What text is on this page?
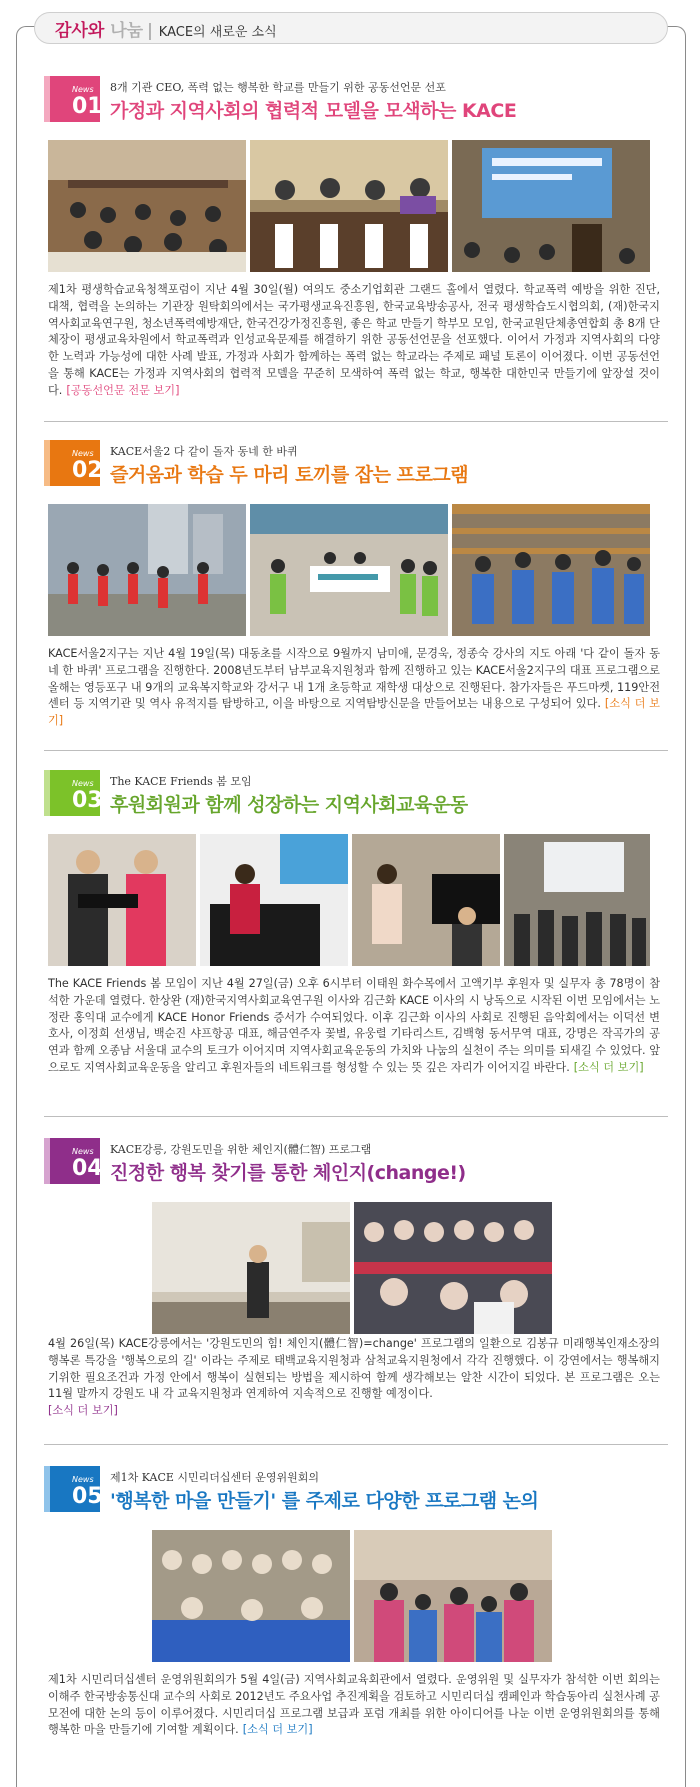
감사와 나눔 | KACE의 새로운 소식
News
01
8개 기관 CEO, 폭력 없는 행복한 학교를 만들기 위한 공동선언문 선포
가정과 지역사회의 협력적 모델을 모색하는 KACE
제1차 평생학습교육청책포럼이 지난 4월 30일(월) 여의도 중소기업회관 그랜드 홀에서 열렸다. 학교폭력 예방을 위한 진단, 대책, 협력을 논의하는 기관장 원탁회의에서는 국가평생교육진흥원, 한국교육방송공사, 전국 평생학습도시협의회, (재)한국지역사회교육연구원, 청소년폭력예방재단, 한국건강가정진흥원, 좋은 학교 만들기 학부모 모임, 한국교원단체총연합회 총 8개 단체장이 평생교육차원에서 학교폭력과 인성교육문제를 해결하기 위한 공동선언문을 선포했다. 이어서 가정과 지역사회의 다양한 노력과 가능성에 대한 사례 발표, 가정과 사회가 함께하는 폭력 없는 학교라는 주제로 패널 토론이 이어졌다. 이번 공동선언을 통해 KACE는 가정과 지역사회의 협력적 모델을 꾸준히 모색하여 폭력 없는 학교, 행복한 대한민국 만들기에 앞장설 것이다. [공동선언문 전문 보기]
News
02
KACE서울2 다 같이 돌자 동네 한 바퀴
즐거움과 학습 두 마리 토끼를 잡는 프로그램
KACE서울2지구는 지난 4월 19일(목) 대동초를 시작으로 9월까지 남미애, 문경욱, 정종숙 강사의 지도 아래 '다 같이 돌자 동네 한 바퀴' 프로그램을 진행한다. 2008년도부터 남부교육지원청과 함께 진행하고 있는 KACE서울2지구의 대표 프로그램으로 올해는 영등포구 내 9개의 교육복지학교와 강서구 내 1개 초등학교 재학생 대상으로 진행된다. 참가자들은 푸드마켓, 119안전센터 등 지역기관 및 역사 유적지를 탐방하고, 이을 바탕으로 지역탐방신문을 만들어보는 내용으로 구성되어 있다. [소식 더 보기]
News
03
The KACE Friends 봄 모임
후원회원과 함께 성장하는 지역사회교육운동
The KACE Friends 봄 모임이 지난 4월 27일(금) 오후 6시부터 이태원 화수목에서 고액기부 후원자 및 실무자 총 78명이 참석한 가운데 열렸다. 한상완 (재)한국지역사회교육연구원 이사와 김근화 KACE 이사의 시 낭독으로 시작된 이번 모임에서는 노정란 홍익대 교수에게 KACE Honor Friends 증서가 수여되었다. 이후 김근화 이사의 사회로 진행된 음악회에서는 이덕선 변호사, 이정희 선생님, 백순진 샤프항공 대표, 해금연주자 꽃별, 유웅렬 기타리스트, 김백형 동서무역 대표, 강명은 작곡가의 공연과 함께 오종남 서울대 교수의 토크가 이어지며 지역사회교육운동의 가치와 나눔의 실천이 주는 의미를 되새길 수 있었다. 앞으로도 지역사회교육운동을 알리고 후원자들의 네트워크를 형성할 수 있는 뜻 깊은 자리가 이어지길 바란다. [소식 더 보기]
News
04
KACE강릉, 강원도민을 위한 체인지(體仁智) 프로그램
진정한 행복 찾기를 통한 체인지(change!)
4월 26일(목) KACE강릉에서는 '강원도민의 힘! 체인지(體仁智)=change' 프로그램의 일환으로 김봉규 미래행복인재소장의 행복론 특강을 '행복으로의 길' 이라는 주제로 태백교육지원청과 삼척교육지원청에서 각각 진행했다. 이 강연에서는 행복해지기위한 필요조건과 가정 안에서 행복이 실현되는 방법을 제시하여 함께 생각해보는 알찬 시간이 되었다. 본 프로그램은 오는 11월 말까지 강원도 내 각 교육지원청과 연계하여 지속적으로 진행할 예정이다.
[소식 더 보기]
News
05
제1차 KACE 시민리더십센터 운영위원회의
'행복한 마을 만들기' 를 주제로 다양한 프로그램 논의
제1차 시민리더십센터 운영위원회의가 5월 4일(금) 지역사회교육회관에서 열렸다. 운영위원 및 실무자가 참석한 이번 회의는 이해주 한국방송통신대 교수의 사회로 2012년도 주요사업 추진계획을 검토하고 시민리더십 캠페인과 학습동아리 실천사례 공모전에 대한 논의 등이 이루어졌다. 시민리더십 프로그램 보급과 포럼 개최를 위한 아이디어를 나눈 이번 운영위원회의를 통해 행복한 마을 만들기에 기여할 계획이다. [소식 더 보기]
